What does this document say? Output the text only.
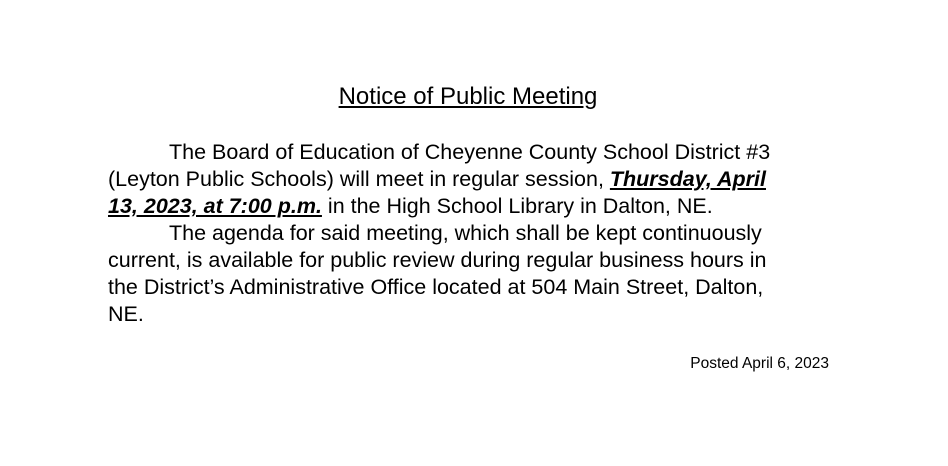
Notice of Public Meeting
The Board of Education of Cheyenne County School District #3
(Leyton Public Schools) will meet in regular session, Thursday, April
13, 2023, at 7:00 p.m. in the High School Library in Dalton, NE.
The agenda for said meeting, which shall be kept continuously
current, is available for public review during regular business hours in
the District’s Administrative Office located at 504 Main Street, Dalton,
NE.
Posted April 6, 2023
